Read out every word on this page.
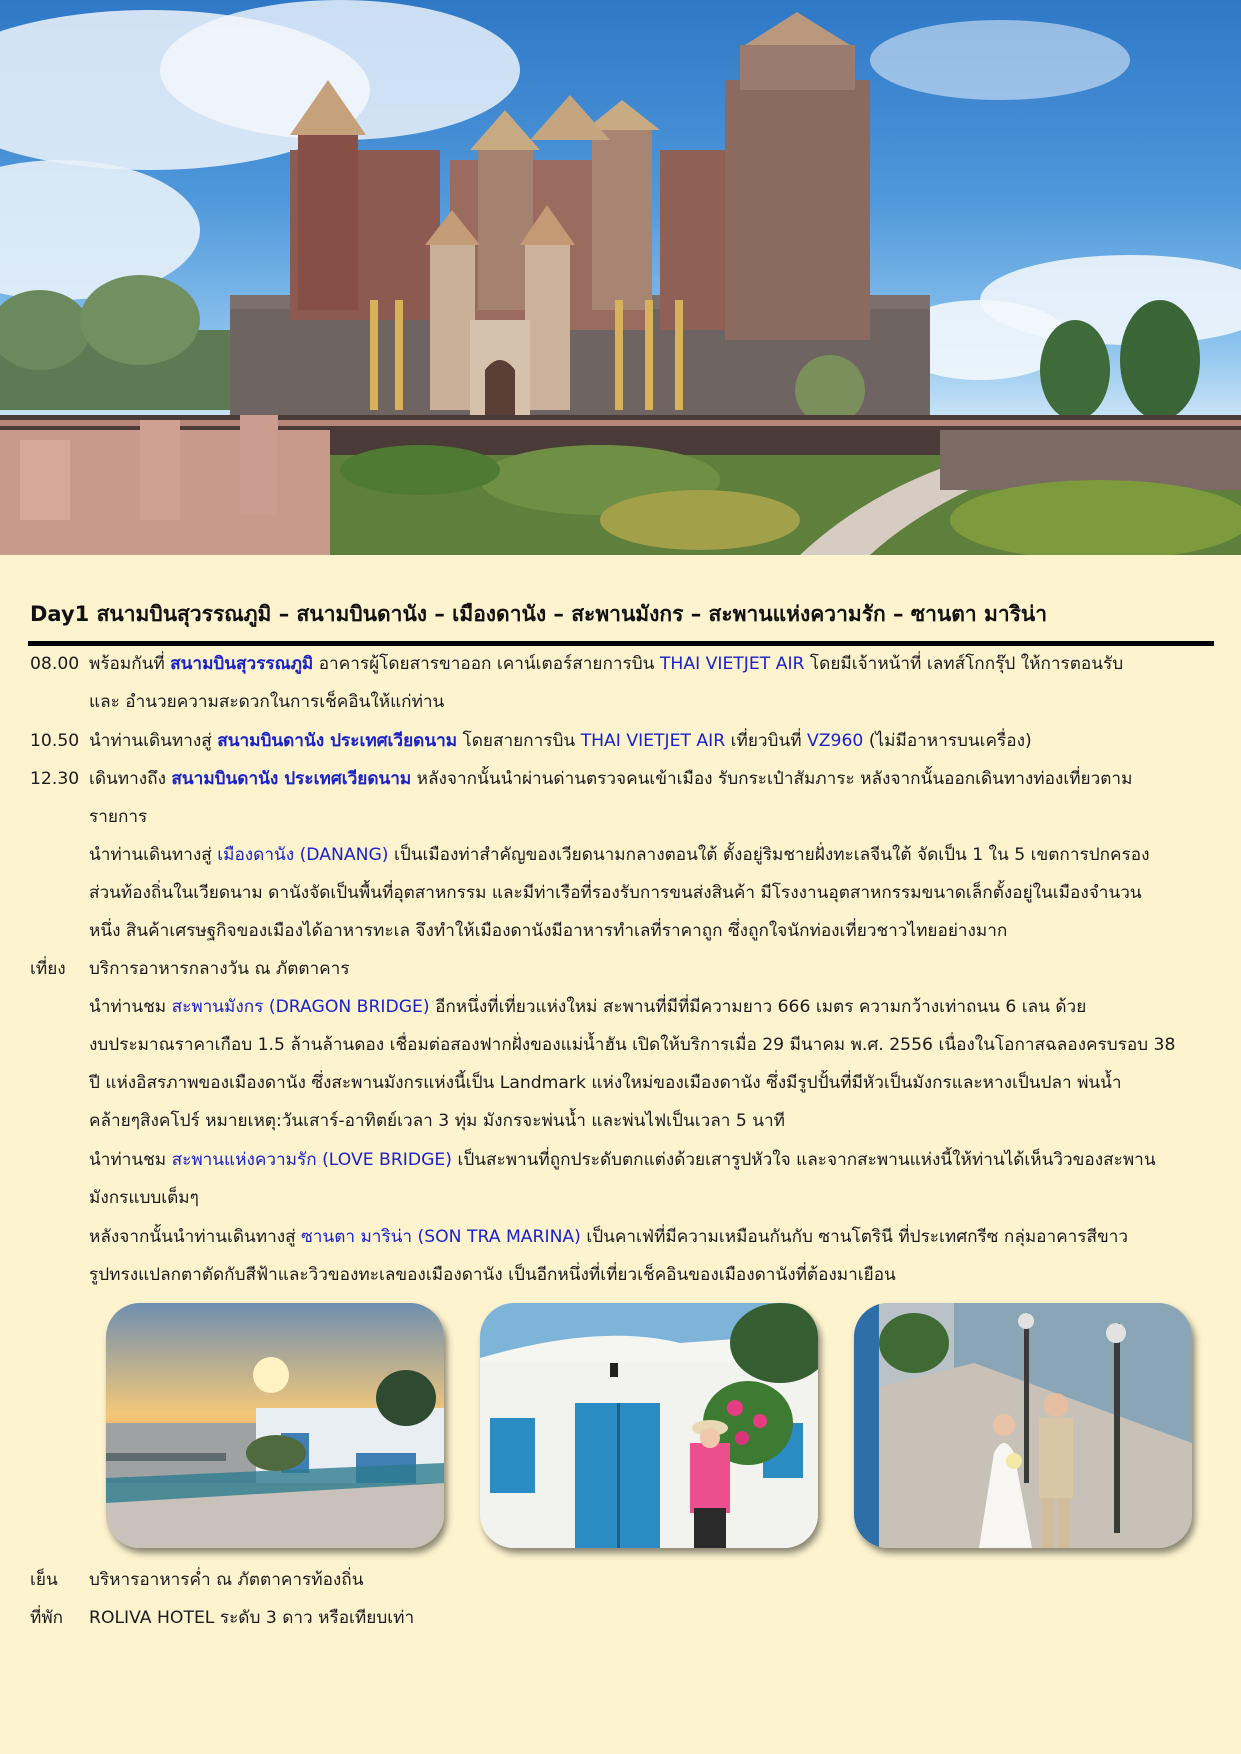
Day1 สนามบินสุวรรณภูมิ – สนามบินดานัง – เมืองดานัง – สะพานมังกร – สะพานแห่งความรัก – ซานตา มาริน่า
08.00 พร้อมกันที่ สนามบินสุวรรณภูมิ อาคารผู้โดยสารขาออก เคาน์เตอร์สายการบิน THAI VIETJET AIR โดยมีเจ้าหน้าที่ เลทส์โกกรุ๊ป ให้การตอนรับ
และ อำนวยความสะดวกในการเช็คอินให้แก่ท่าน
10.50 นำท่านเดินทางสู่ สนามบินดานัง ประเทศเวียดนาม โดยสายการบิน THAI VIETJET AIR เที่ยวบินที่ VZ960 (ไม่มีอาหารบนเครื่อง)
12.30 เดินทางถึง สนามบินดานัง ประเทศเวียดนาม หลังจากนั้นนำผ่านด่านตรวจคนเข้าเมือง รับกระเป๋าสัมภาระ หลังจากนั้นออกเดินทางท่องเที่ยวตาม
รายการ
นำท่านเดินทางสู่ เมืองดานัง (DANANG) เป็นเมืองท่าสำคัญของเวียดนามกลางตอนใต้ ตั้งอยู่ริมชายฝั่งทะเลจีนใต้ จัดเป็น 1 ใน 5 เขตการปกครอง
ส่วนท้องถิ่นในเวียดนาม ดานังจัดเป็นพื้นที่อุตสาหกรรม และมีท่าเรือที่รองรับการขนส่งสินค้า มีโรงงานอุตสาหกรรมขนาดเล็กตั้งอยู่ในเมืองจำนวน
หนึ่ง สินค้าเศรษฐกิจของเมืองได้อาหารทะเล จึงทำให้เมืองดานังมีอาหารทำเลที่ราคาถูก ซึ่งถูกใจนักท่องเที่ยวชาวไทยอย่างมาก
เที่ยง	บริการอาหารกลางวัน ณ ภัตตาคาร
นำท่านชม สะพานมังกร (DRAGON BRIDGE) อีกหนึ่งที่เที่ยวแห่งใหม่ สะพานที่มีที่มีความยาว 666 เมตร ความกว้างเท่าถนน 6 เลน ด้วย
งบประมาณราคาเกือบ 1.5 ล้านล้านดอง เชื่อมต่อสองฟากฝั่งของแม่น้ำฮัน เปิดให้บริการเมื่อ 29 มีนาคม พ.ศ. 2556 เนื่องในโอกาสฉลองครบรอบ 38
ปี แห่งอิสรภาพของเมืองดานัง ซึ่งสะพานมังกรแห่งนี้เป็น Landmark แห่งใหม่ของเมืองดานัง ซึ่งมีรูปปั้นที่มีหัวเป็นมังกรและหางเป็นปลา พ่นน้ำ
คล้ายๆสิงคโปร์ หมายเหตุ:วันเสาร์-อาทิตย์เวลา 3 ทุ่ม มังกรจะพ่นน้ำ และพ่นไฟเป็นเวลา 5 นาที
นำท่านชม สะพานแห่งความรัก (LOVE BRIDGE) เป็นสะพานที่ถูกประดับตกแต่งด้วยเสารูปหัวใจ และจากสะพานแห่งนี้ให้ท่านได้เห็นวิวของสะพาน
มังกรแบบเต็มๆ
หลังจากนั้นนำท่านเดินทางสู่ ซานตา มาริน่า (SON TRA MARINA) เป็นคาเฟ่ที่มีความเหมือนกันกับ ซานโตรินี ที่ประเทศกรีซ กลุ่มอาคารสีขาว
รูปทรงแปลกตาตัดกับสีฟ้าและวิวของทะเลของเมืองดานัง เป็นอีกหนึ่งที่เที่ยวเช็คอินของเมืองดานังที่ต้องมาเยือน
เย็น	บริหารอาหารค่ำ ณ ภัตตาคารท้องถิ่น
ที่พัก	ROLIVA HOTEL ระดับ 3 ดาว หรือเทียบเท่า
